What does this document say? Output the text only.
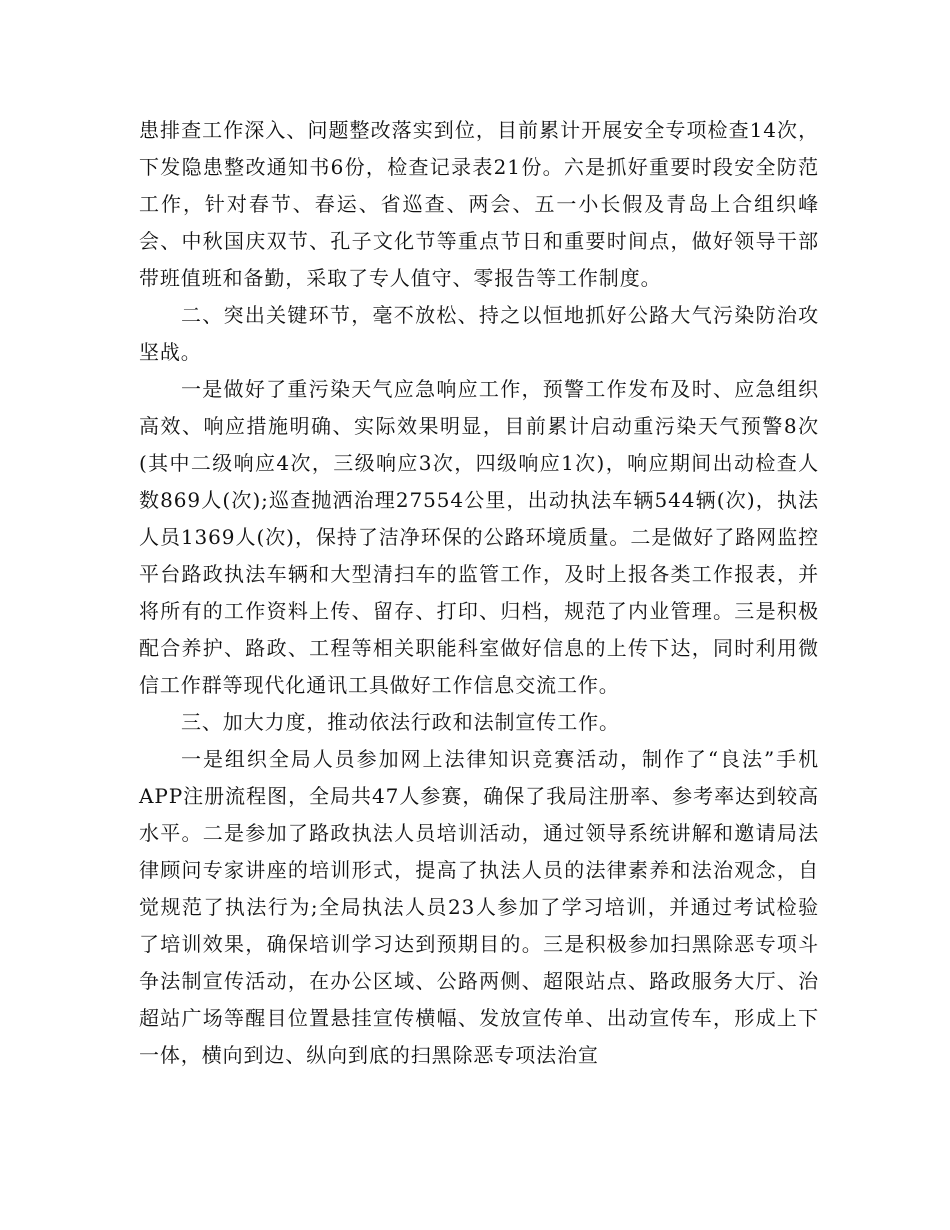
患排查工作深入、问题整改落实到位，目前累计开展安全专项检查14次，下发隐患整改通知书6份，检查记录表21份。六是抓好重要时段安全防范工作，针对春节、春运、省巡查、两会、五一小长假及青岛上合组织峰会、中秋国庆双节、孔子文化节等重点节日和重要时间点，做好领导干部带班值班和备勤，采取了专人值守、零报告等工作制度。

二、突出关键环节，毫不放松、持之以恒地抓好公路大气污染防治攻坚战。

一是做好了重污染天气应急响应工作，预警工作发布及时、应急组织高效、响应措施明确、实际效果明显，目前累计启动重污染天气预警8次(其中二级响应4次，三级响应3次，四级响应1次)，响应期间出动检查人数869人(次);巡查抛洒治理27554公里，出动执法车辆544辆(次)，执法人员1369人(次)，保持了洁净环保的公路环境质量。二是做好了路网监控平台路政执法车辆和大型清扫车的监管工作，及时上报各类工作报表，并将所有的工作资料上传、留存、打印、归档，规范了内业管理。三是积极配合养护、路政、工程等相关职能科室做好信息的上传下达，同时利用微信工作群等现代化通讯工具做好工作信息交流工作。

三、加大力度，推动依法行政和法制宣传工作。

一是组织全局人员参加网上法律知识竞赛活动，制作了“良法”手机APP注册流程图，全局共47人参赛，确保了我局注册率、参考率达到较高水平。二是参加了路政执法人员培训活动，通过领导系统讲解和邀请局法律顾问专家讲座的培训形式，提高了执法人员的法律素养和法治观念，自觉规范了执法行为;全局执法人员23人参加了学习培训，并通过考试检验了培训效果，确保培训学习达到预期目的。三是积极参加扫黑除恶专项斗争法制宣传活动，在办公区域、公路两侧、超限站点、路政服务大厅、治超站广场等醒目位置悬挂宣传横幅、发放宣传单、出动宣传车，形成上下一体，横向到边、纵向到底的扫黑除恶专项法治宣
